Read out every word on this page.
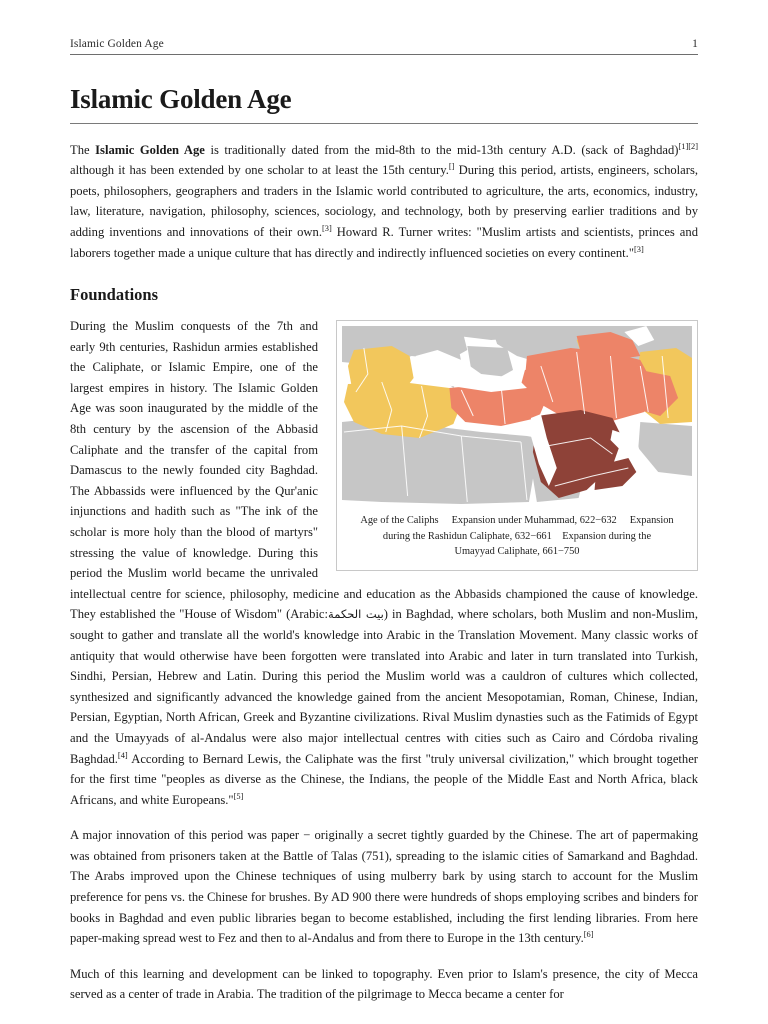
Islamic Golden Age	1
Islamic Golden Age

The Islamic Golden Age is traditionally dated from the mid-8th to the mid-13th century A.D. (sack of Baghdad)[1][2] although it has been extended by one scholar to at least the 15th century.[] During this period, artists, engineers, scholars, poets, philosophers, geographers and traders in the Islamic world contributed to agriculture, the arts, economics, industry, law, literature, navigation, philosophy, sciences, sociology, and technology, both by preserving earlier traditions and by adding inventions and innovations of their own.[3] Howard R. Turner writes: "Muslim artists and scientists, princes and laborers together made a unique culture that has directly and indirectly influenced societies on every continent."[3]

Foundations
Age of the Caliphs Expansion under Muhammad, 622−632 Expansion during the Rashidun Caliphate, 632−661 Expansion during the Umayyad Caliphate, 661−750

During the Muslim conquests of the 7th and early 9th centuries, Rashidun armies established the Caliphate, or Islamic Empire, one of the largest empires in history. The Islamic Golden Age was soon inaugurated by the middle of the 8th century by the ascension of the Abbasid Caliphate and the transfer of the capital from Damascus to the newly founded city Baghdad. The Abbassids were influenced by the Qur'anic injunctions and hadith such as "The ink of the scholar is more holy than the blood of martyrs" stressing the value of knowledge. During this period the Muslim world became the unrivaled intellectual centre for science, philosophy, medicine and education as the Abbasids championed the cause of knowledge. They established the "House of Wisdom" (Arabic:بيت الحكمة) in Baghdad, where scholars, both Muslim and non-Muslim, sought to gather and translate all the world's knowledge into Arabic in the Translation Movement. Many classic works of antiquity that would otherwise have been forgotten were translated into Arabic and later in turn translated into Turkish, Sindhi, Persian, Hebrew and Latin. During this period the Muslim world was a cauldron of cultures which collected, synthesized and significantly advanced the knowledge gained from the ancient Mesopotamian, Roman, Chinese, Indian, Persian, Egyptian, North African, Greek and Byzantine civilizations. Rival Muslim dynasties such as the Fatimids of Egypt and the Umayyads of al-Andalus were also major intellectual centres with cities such as Cairo and Córdoba rivaling Baghdad.[4] According to Bernard Lewis, the Caliphate was the first "truly universal civilization," which brought together for the first time "peoples as diverse as the Chinese, the Indians, the people of the Middle East and North Africa, black Africans, and white Europeans."[5]

A major innovation of this period was paper − originally a secret tightly guarded by the Chinese. The art of papermaking was obtained from prisoners taken at the Battle of Talas (751), spreading to the islamic cities of Samarkand and Baghdad. The Arabs improved upon the Chinese techniques of using mulberry bark by using starch to account for the Muslim preference for pens vs. the Chinese for brushes. By AD 900 there were hundreds of shops employing scribes and binders for books in Baghdad and even public libraries began to become established, including the first lending libraries. From here paper-making spread west to Fez and then to al-Andalus and from there to Europe in the 13th century.[6]

Much of this learning and development can be linked to topography. Even prior to Islam's presence, the city of Mecca served as a center of trade in Arabia. The tradition of the pilgrimage to Mecca became a center for
